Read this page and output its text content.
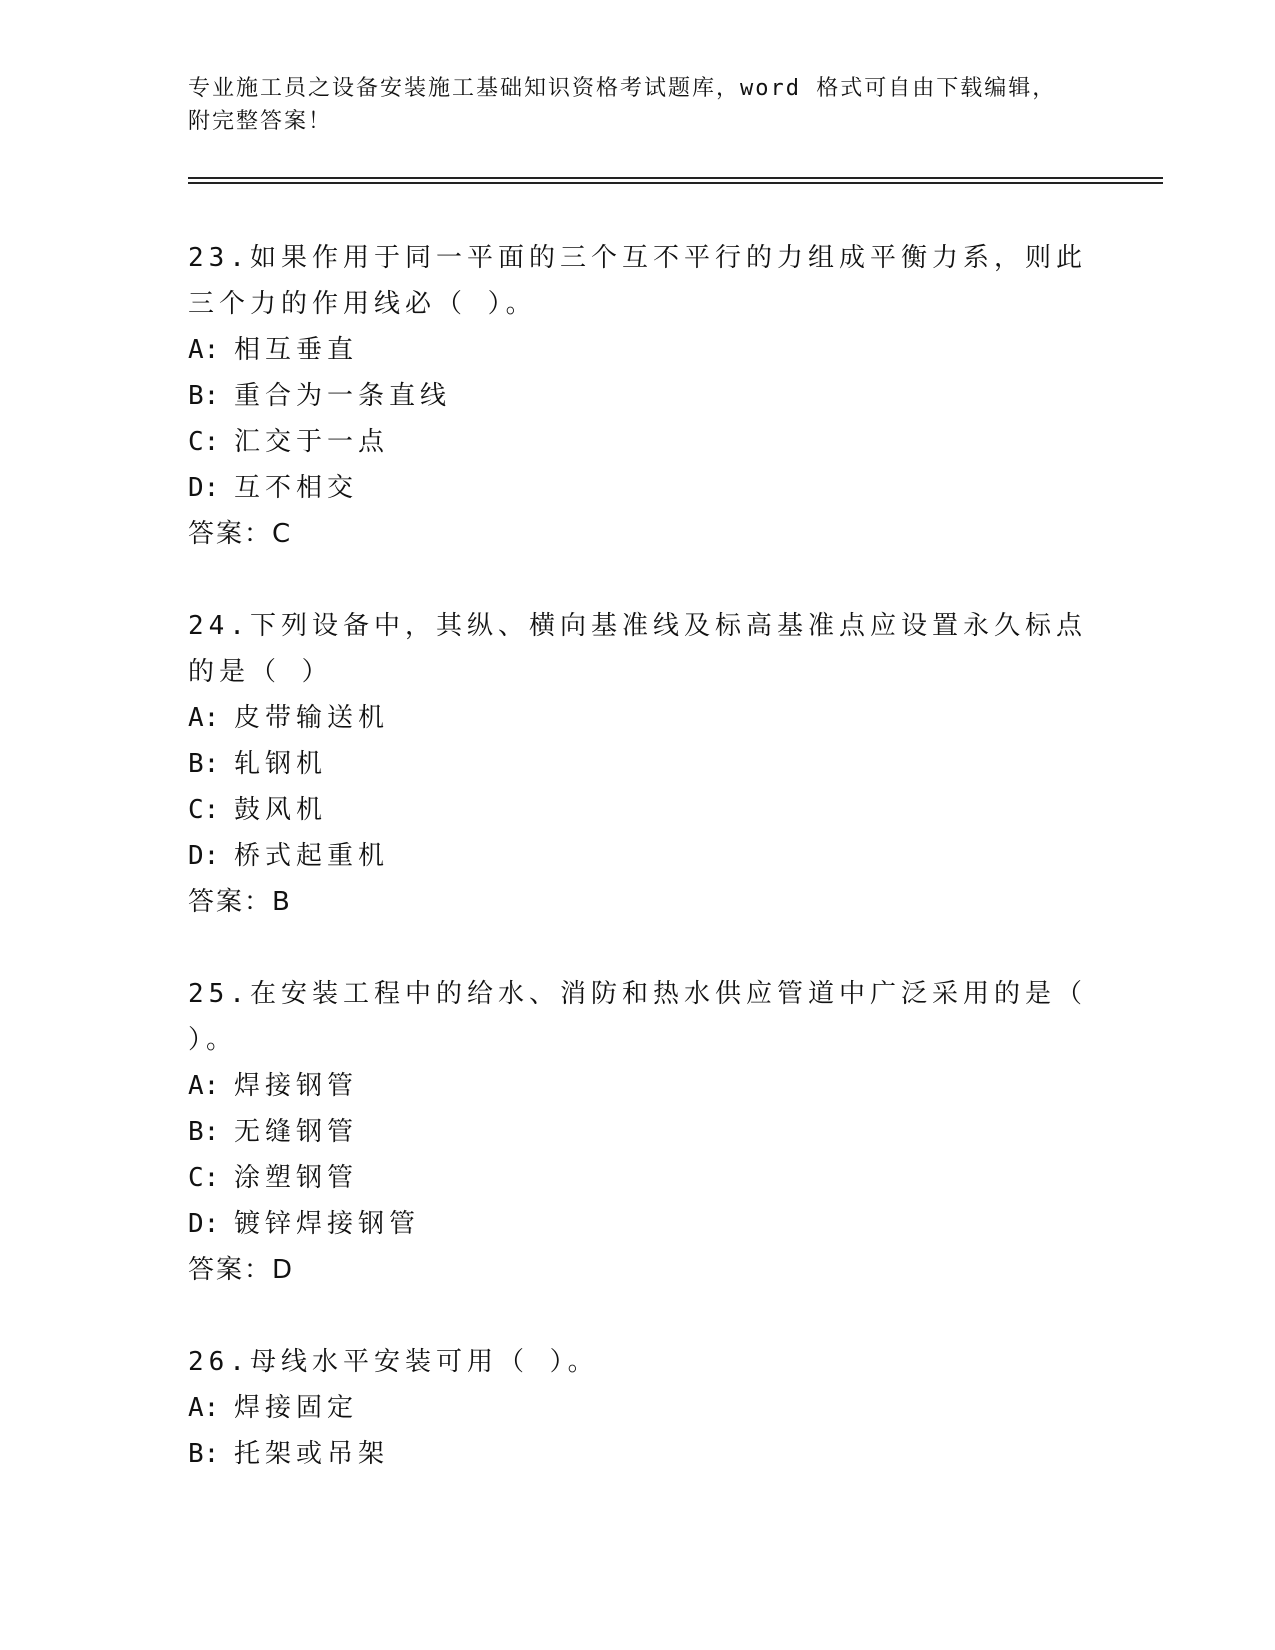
专业施工员之设备安装施工基础知识资格考试题库，word 格式可自由下载编辑，
附完整答案！
23.如果作用于同一平面的三个互不平行的力组成平衡力系，则此三个力的作用线必（ ）。
A: 相互垂直
B: 重合为一条直线
C: 汇交于一点
D: 互不相交
答案：C
24.下列设备中，其纵、横向基准线及标高基准点应设置永久标点的是（ ）
A: 皮带输送机
B: 轧钢机
C: 鼓风机
D: 桥式起重机
答案：B
25.在安装工程中的给水、消防和热水供应管道中广泛采用的是（ ）。
A: 焊接钢管
B: 无缝钢管
C: 涂塑钢管
D: 镀锌焊接钢管
答案：D
26.母线水平安装可用（ ）。
A: 焊接固定
B: 托架或吊架
